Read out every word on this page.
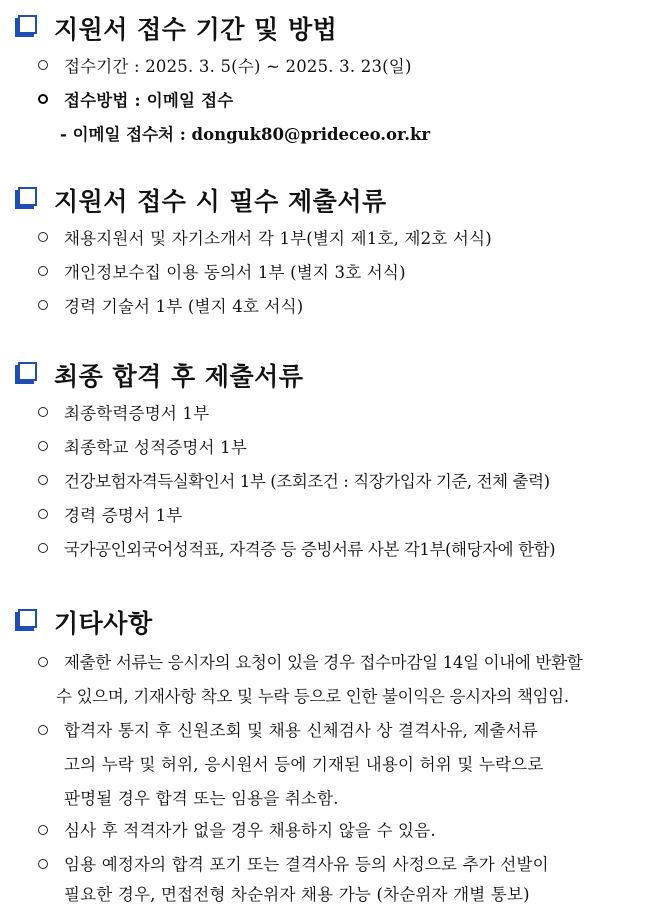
지원서 접수 기간 및 방법
접수기간 : 2025. 3. 5(수) ~ 2025. 3. 23(일)
접수방법 : 이메일 접수
- 이메일 접수처 : donguk80@prideceo.or.kr
지원서 접수 시 필수 제출서류
채용지원서 및 자기소개서 각 1부(별지 제1호, 제2호 서식)
개인정보수집 이용 동의서 1부 (별지 3호 서식)
경력 기술서 1부 (별지 4호 서식)
최종 합격 후 제출서류
최종학력증명서 1부
최종학교 성적증명서 1부
건강보험자격득실확인서 1부 (조회조건 : 직장가입자 기준, 전체 출력)
경력 증명서 1부
국가공인외국어성적표, 자격증 등 증빙서류 사본 각1부(해당자에 한함)
기타사항
제출한 서류는 응시자의 요청이 있을 경우 접수마감일 14일 이내에 반환할
수 있으며, 기재사항 착오 및 누락 등으로 인한 불이익은 응시자의 책임임.
합격자 통지 후 신원조회 및 채용 신체검사 상 결격사유, 제출서류
고의 누락 및 허위, 응시원서 등에 기재된 내용이 허위 및 누락으로
판명될 경우 합격 또는 임용을 취소함.
심사 후 적격자가 없을 경우 채용하지 않을 수 있음.
임용 예정자의 합격 포기 또는 결격사유 등의 사정으로 추가 선발이
필요한 경우, 면접전형 차순위자 채용 가능 (차순위자 개별 통보)
